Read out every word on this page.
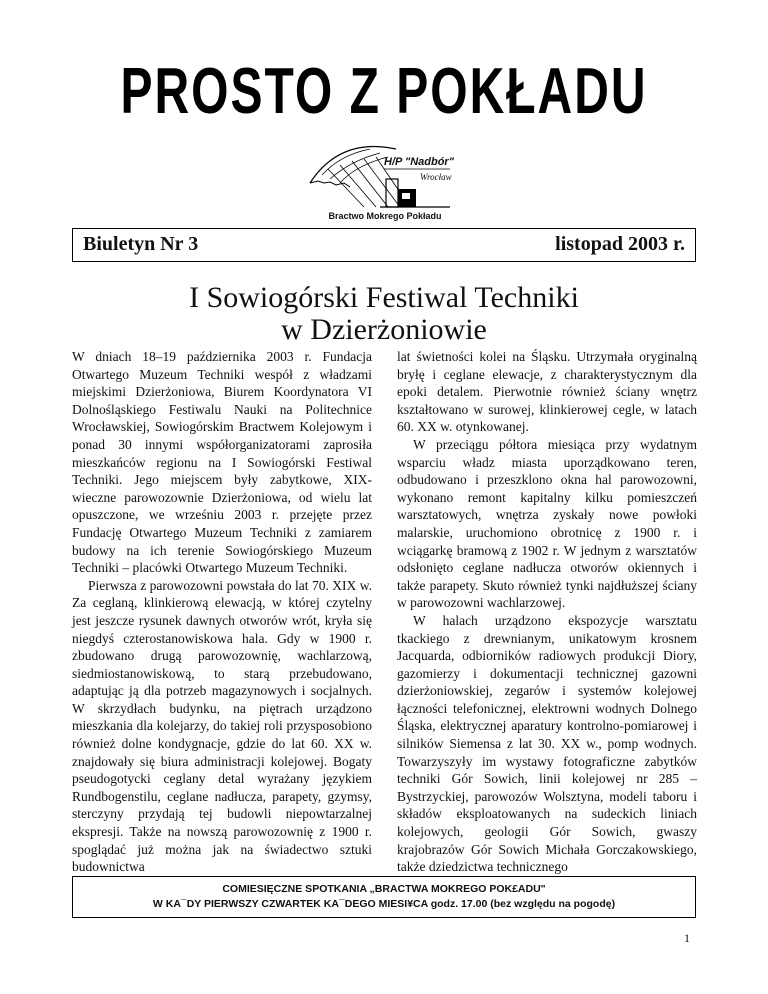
PROSTO Z POKŁADU
H/P "Nadbór"
Wrocław
Bractwo Mokrego Pokładu
Biuletyn Nr 3	listopad 2003 r.
I Sowiogórski Festiwal Techniki
w Dzierżoniowie

W dniach 18–19 października 2003 r. Fundacja Otwartego Muzeum Techniki wespół z władzami miejskimi Dzierżoniowa, Biurem Koordynatora VI Dolnośląskiego Festiwalu Nauki na Politechnice Wrocławskiej, Sowiogórskim Bractwem Kolejowym i ponad 30 innymi współorganizatorami zaprosiła mieszkańców regionu na I Sowiogórski Festiwal Techniki. Jego miejscem były zabytkowe, XIX-wieczne parowozownie Dzierżoniowa, od wielu lat opuszczone, we wrześniu 2003 r. przejęte przez Fundację Otwartego Muzeum Techniki z zamiarem budowy na ich terenie Sowiogórskiego Muzeum Techniki – placówki Otwartego Muzeum Techniki.

Pierwsza z parowozowni powstała do lat 70. XIX w. Za ceglaną, klinkierową elewacją, w której czytelny jest jeszcze rysunek dawnych otworów wrót, kryła się niegdyś czterostanowiskowa hala. Gdy w 1900 r. zbudowano drugą parowozownię, wachlarzową, siedmiostanowiskową, to starą przebudowano, adaptując ją dla potrzeb magazynowych i socjalnych. W skrzydłach budynku, na piętrach urządzono mieszkania dla kolejarzy, do takiej roli przysposobiono również dolne kondygnacje, gdzie do lat 60. XX w. znajdowały się biura administracji kolejowej. Bogaty pseudogotycki ceglany detal wyrażany językiem Rundbogenstilu, ceglane nadłucza, parapety, gzymsy, sterczyny przydają tej budowli niepowtarzalnej ekspresji. Także na nowszą parowozownię z 1900 r. spoglądać już można jak na świadectwo sztuki budownictwa

lat świetności kolei na Śląsku. Utrzymała oryginalną bryłę i ceglane elewacje, z charakterystycznym dla epoki detalem. Pierwotnie również ściany wnętrz kształtowano w surowej, klinkierowej cegle, w latach 60. XX w. otynkowanej.

W przeciągu półtora miesiąca przy wydatnym wsparciu władz miasta uporządkowano teren, odbudowano i przeszklono okna hal parowozowni, wykonano remont kapitalny kilku pomieszczeń warsztatowych, wnętrza zyskały nowe powłoki malarskie, uruchomiono obrotnicę z 1900 r. i wciągarkę bramową z 1902 r. W jednym z warsztatów odsłonięto ceglane nadłucza otworów okiennych i także parapety. Skuto również tynki najdłuższej ściany w parowozowni wachlarzowej.

W halach urządzono ekspozycje warsztatu tkackiego z drewnianym, unikatowym krosnem Jacquarda, odbiorników radiowych produkcji Diory, gazomierzy i dokumentacji technicznej gazowni dzierżoniowskiej, zegarów i systemów kolejowej łączności telefonicznej, elektrowni wodnych Dolnego Śląska, elektrycznej aparatury kontrolno-pomiarowej i silników Siemensa z lat 30. XX w., pomp wodnych. Towarzyszyły im wystawy fotograficzne zabytków techniki Gór Sowich, linii kolejowej nr 285 – Bystrzyckiej, parowozów Wolsztyna, modeli taboru i składów eksploatowanych na sudeckich liniach kolejowych, geologii Gór Sowich, gwaszy krajobrazów Gór Sowich Michała Gorczakowskiego, także dziedzictwa technicznego

COMIESIĘCZNE SPOTKANIA „BRACTWA MOKREGO POK£ADU"
W KA¯DY PIERWSZY CZWARTEK KA¯DEGO MIESI¥CA godz. 17.00 (bez względu na pogodę)
1
